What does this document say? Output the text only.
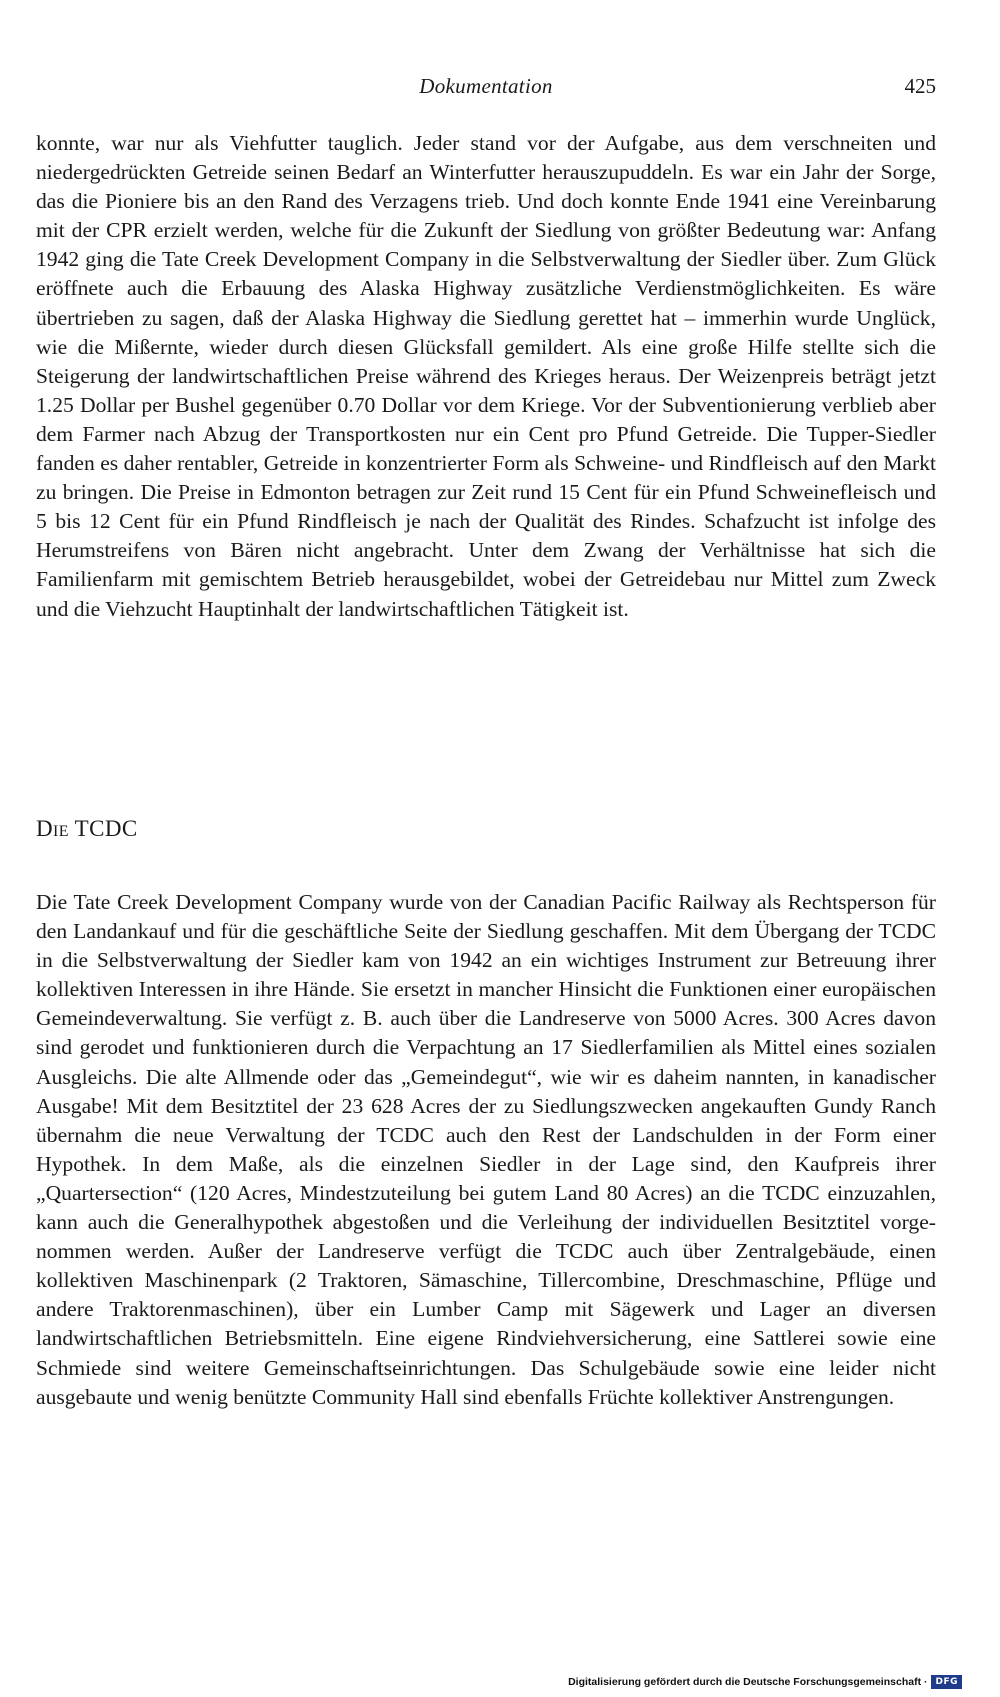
Dokumentation	425

konnte, war nur als Viehfutter tauglich. Jeder stand vor der Aufgabe, aus dem verschneiten und niedergedrückten Getreide seinen Bedarf an Winterfutter herauszupuddeln. Es war ein Jahr der Sorge, das die Pioniere bis an den Rand des Verzagens trieb. Und doch konnte Ende 1941 eine Vereinbarung mit der CPR erzielt werden, welche für die Zukunft der Siedlung von größter Bedeutung war: Anfang 1942 ging die Tate Creek Development Company in die Selbstverwaltung der Siedler über. Zum Glück eröffnete auch die Erbauung des Alaska Highway zusätzliche Verdienstmöglichkeiten. Es wäre übertrieben zu sagen, daß der Alaska Highway die Siedlung gerettet hat – immerhin wurde Unglück, wie die Mißernte, wieder durch diesen Glücksfall gemildert. Als eine große Hilfe stellte sich die Steigerung der landwirtschaftlichen Preise während des Krieges heraus. Der Weizenpreis beträgt jetzt 1.25 Dollar per Bushel gegenüber 0.70 Dollar vor dem Kriege. Vor der Subventionierung verblieb aber dem Farmer nach Abzug der Transportkosten nur ein Cent pro Pfund Getreide. Die Tupper-Siedler fanden es daher rentabler, Getreide in konzentrierter Form als Schweine- und Rindfleisch auf den Markt zu bringen. Die Preise in Edmonton betragen zur Zeit rund 15 Cent für ein Pfund Schweinefleisch und 5 bis 12 Cent für ein Pfund Rindfleisch je nach der Qualität des Rindes. Schafzucht ist infolge des Herumstreifens von Bären nicht angebracht. Unter dem Zwang der Verhältnisse hat sich die Familienfarm mit gemischtem Betrieb herausgebildet, wobei der Getreidebau nur Mittel zum Zweck und die Viehzucht Hauptinhalt der landwirtschaftlichen Tätigkeit ist.

Die TCDC

Die Tate Creek Development Company wurde von der Canadian Pacific Railway als Rechtsperson für den Landankauf und für die geschäftliche Seite der Siedlung geschaffen. Mit dem Übergang der TCDC in die Selbstverwaltung der Siedler kam von 1942 an ein wichtiges Instrument zur Betreuung ihrer kollektiven Interessen in ihre Hände. Sie ersetzt in mancher Hinsicht die Funktionen einer europäischen Gemeindeverwaltung. Sie verfügt z. B. auch über die Landreserve von 5000 Acres. 300 Acres davon sind gerodet und funktionieren durch die Verpachtung an 17 Siedlerfamilien als Mittel eines sozialen Ausgleichs. Die alte Allmende oder das „Gemeindegut“, wie wir es daheim nannten, in kanadischer Ausgabe! Mit dem Besitztitel der 23 628 Acres der zu Siedlungszwecken angekauften Gundy Ranch übernahm die neue Verwaltung der TCDC auch den Rest der Landschulden in der Form einer Hypothek. In dem Maße, als die einzelnen Siedler in der Lage sind, den Kaufpreis ihrer „Quartersection“ (120 Acres, Mindestzuteilung bei gutem Land 80 Acres) an die TCDC einzuzahlen, kann auch die Generalhypothek abgestoßen und die Verleihung der individuellen Besitztitel vorgenommen werden. Außer der Landreserve verfügt die TCDC auch über Zentralgebäude, einen kollektiven Maschinenpark (2 Traktoren, Sämaschine, Tillercombine, Dreschmaschine, Pflüge und andere Traktorenmaschinen), über ein Lumber Camp mit Sägewerk und Lager an diversen landwirtschaftlichen Betriebsmitteln. Eine eigene Rindviehversicherung, eine Sattlerei sowie eine Schmiede sind weitere Gemeinschaftseinrichtungen. Das Schulgebäude sowie eine leider nicht ausgebaute und wenig benützte Community Hall sind ebenfalls Früchte kollektiver Anstrengungen.

Digitalisierung gefördert durch die Deutsche Forschungsgemeinschaft · DFG
